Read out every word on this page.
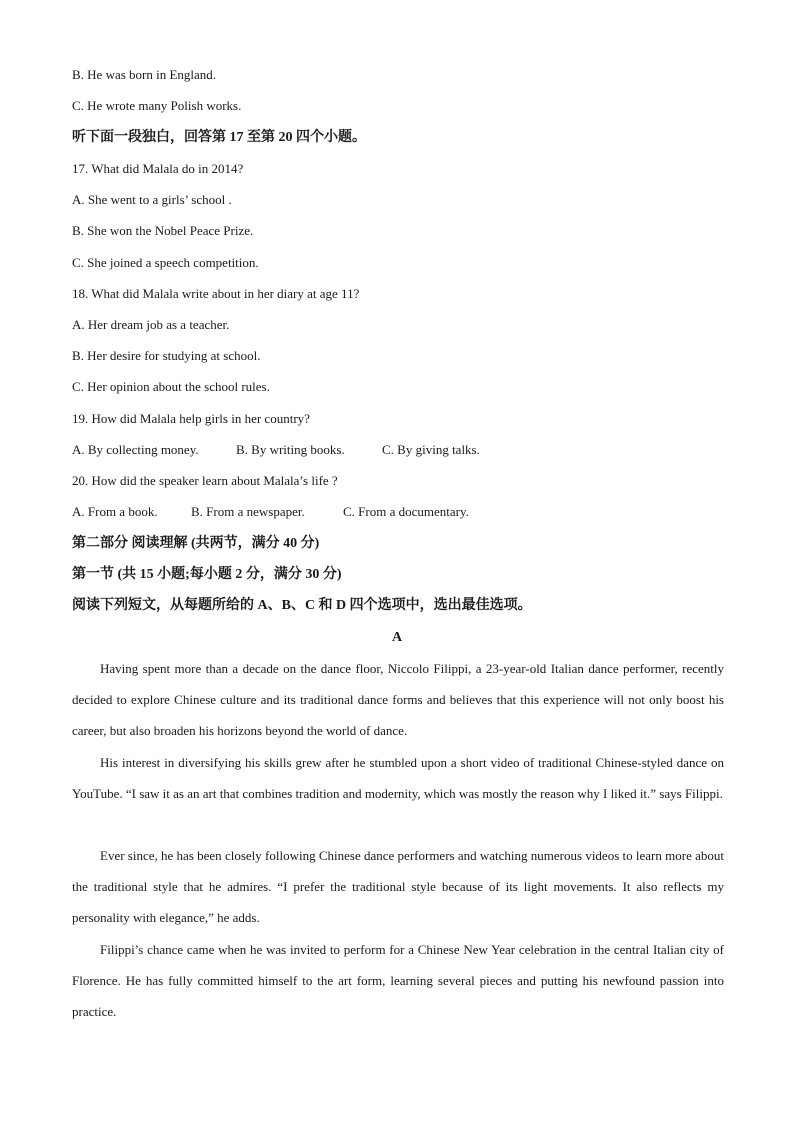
B. He was born in England.
C. He wrote many Polish works.
听下面一段独白，回答第 17 至第 20 四个小题。
17. What did Malala do in 2014?
A. She went to a girls’ school .
B. She won the Nobel Peace Prize.
C. She joined a speech competition.
18. What did Malala write about in her diary at age 11?
A. Her dream job as a teacher.
B. Her desire for studying at school.
C. Her opinion about the school rules.
19. How did Malala help girls in her country?
A. By collecting money.	B. By writing books.	C. By giving talks.
20. How did the speaker learn about Malala’s life ?
A. From a book.	B. From a newspaper.	C. From a documentary.
第二部分 阅读理解 (共两节，满分 40 分)
第一节 (共 15 小题;每小题 2 分，满分 30 分)
阅读下列短文，从每题所给的 A、B、C 和 D 四个选项中，选出最佳选项。
A
Having spent more than a decade on the dance floor, Niccolo Filippi, a 23-year-old Italian dance performer, recently decided to explore Chinese culture and its traditional dance forms and believes that this experience will not only boost his career, but also broaden his horizons beyond the world of dance.
His interest in diversifying his skills grew after he stumbled upon a short video of traditional Chinese-styled dance on YouTube. “I saw it as an art that combines tradition and modernity, which was mostly the reason why I liked it.” says Filippi.
Ever since, he has been closely following Chinese dance performers and watching numerous videos to learn more about the traditional style that he admires. “I prefer the traditional style because of its light movements. It also reflects my personality with elegance,” he adds.
Filippi’s chance came when he was invited to perform for a Chinese New Year celebration in the central Italian city of Florence. He has fully committed himself to the art form, learning several pieces and putting his newfound passion into practice.
